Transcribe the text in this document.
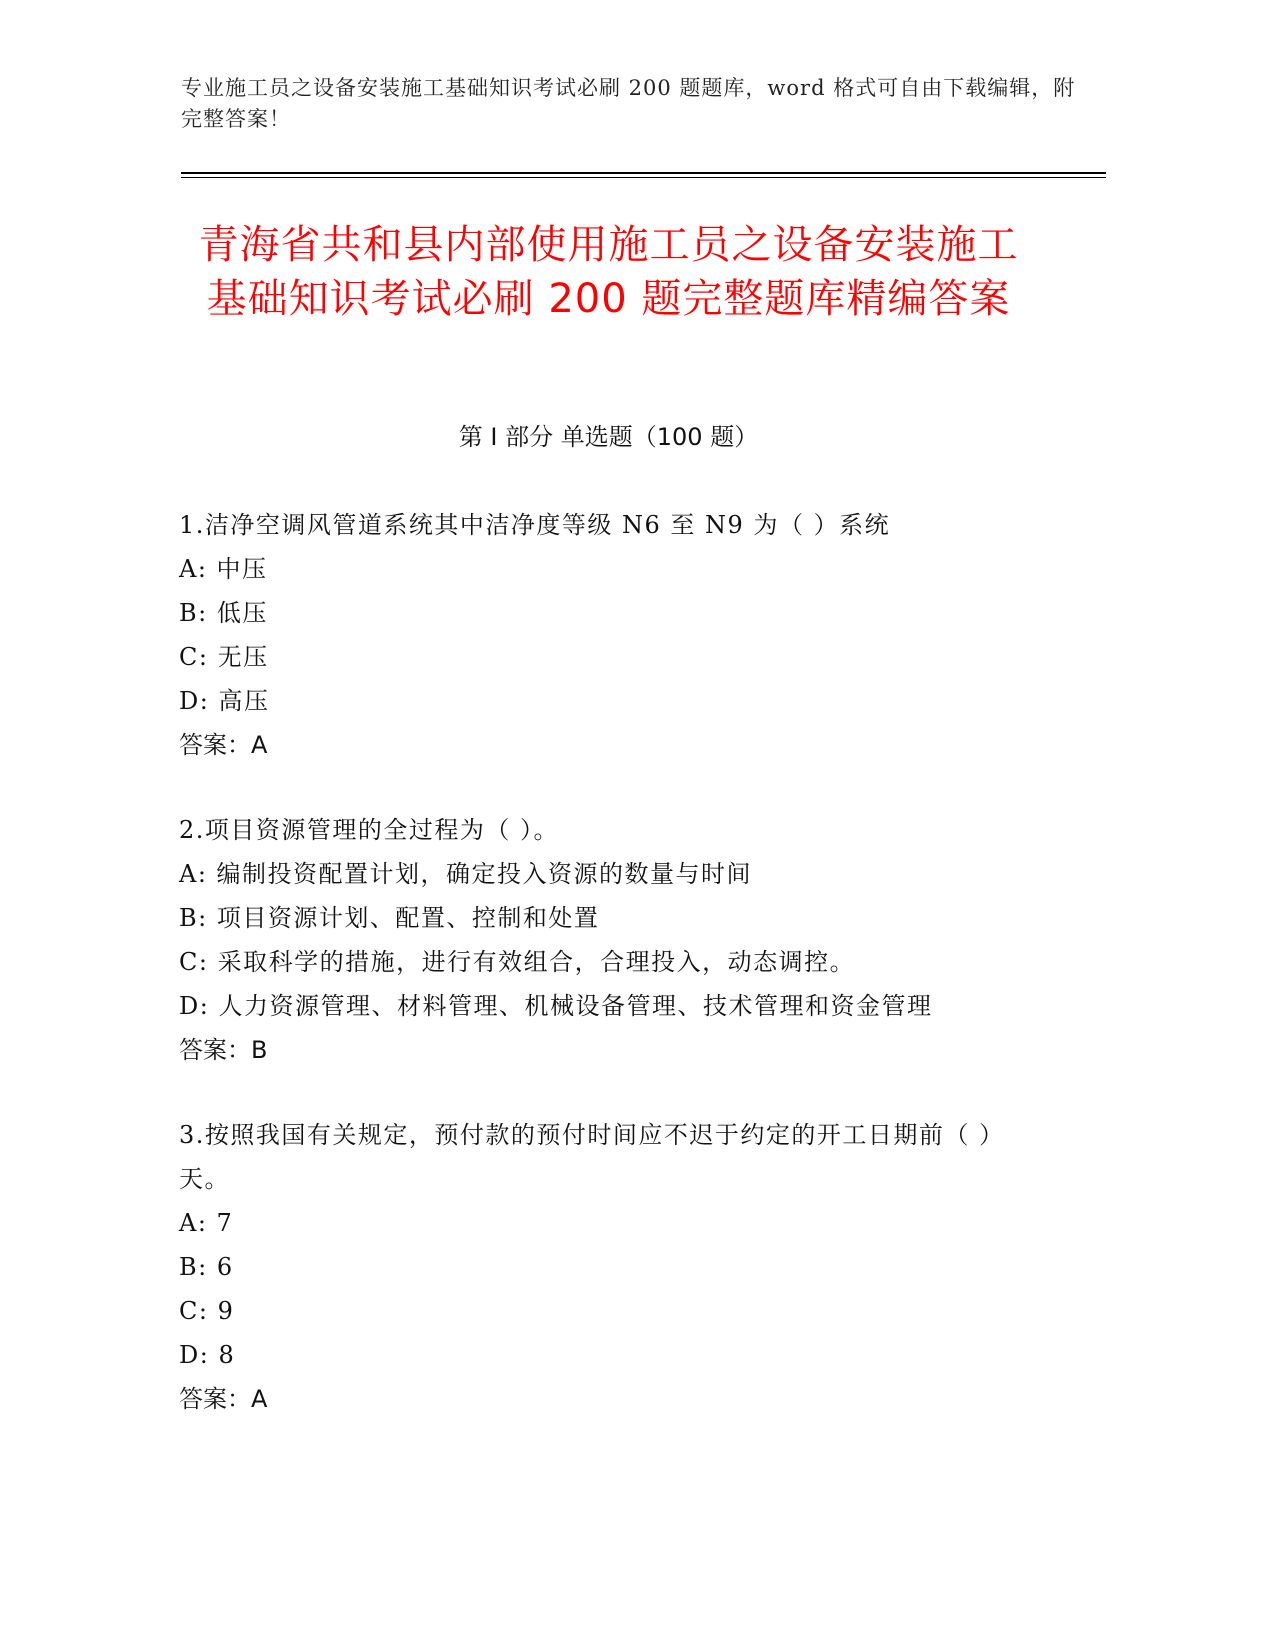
专业施工员之设备安装施工基础知识考试必刷 200 题题库，word 格式可自由下载编辑，附完整答案！
青海省共和县内部使用施工员之设备安装施工基础知识考试必刷 200 题完整题库精编答案
第 I 部分 单选题（100 题）
1.洁净空调风管道系统其中洁净度等级 N6 至 N9 为（ ）系统
A: 中压
B: 低压
C: 无压
D: 高压
答案：A
2.项目资源管理的全过程为（ ）。
A: 编制投资配置计划，确定投入资源的数量与时间
B: 项目资源计划、配置、控制和处置
C: 采取科学的措施，进行有效组合，合理投入，动态调控。
D: 人力资源管理、材料管理、机械设备管理、技术管理和资金管理
答案：B
3.按照我国有关规定，预付款的预付时间应不迟于约定的开工日期前（ ）天。
A: 7
B: 6
C: 9
D: 8
答案：A
